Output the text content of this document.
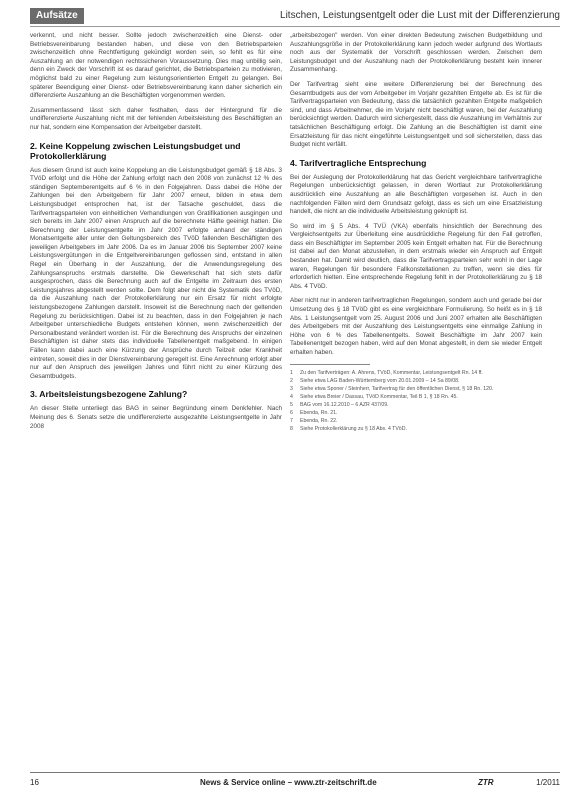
Aufsätze	Litschen, Leistungsentgelt oder die Lust mit der Differenzierung

verkennt, und nicht besser. Sollte jedoch zwischenzeitlich eine Dienst- oder Betriebsvereinbarung bestanden haben, und diese von den Betriebsparteien zwischenzeitlich ohne Rechtfertigung gekündigt worden sein, so fehlt es für eine Auszahlung an der notwendigen rechtssicheren Voraussetzung. Dies mag unbillig sein, denn ein Zweck der Vorschrift ist es darauf gerichtet, die Betriebsparteien zu motivieren, möglichst bald zu einer Regelung zum leistungsorientierten Entgelt zu gelangen. Bei späterer Beendigung einer Dienst- oder Betriebsvereinbarung kann daher sicherlich ein differenzierte Auszahlung an die Beschäftigten vorgenommen werden.

Zusammenfassend lässt sich daher festhalten, dass der Hintergrund für die undifferenzierte Auszahlung nicht mit der fehlenden Arbeitsleistung des Beschäftigten an nur hat, sondern eine Kompensation der Arbeitgeber darstellt.

2. Keine Koppelung zwischen Leistungsbudget und Protokollerklärung

Aus diesem Grund ist auch keine Koppelung an die Leistungsbudget gemäß § 18 Abs. 3 TVöD erfolgt und die Höhe der Zahlung erfolgt nach den 2008 von zunächst 12 % des ständigen Septemberentgelts auf 6 % in den Folgejahren. Dass dabei die Höhe der Zahlungen bei den Arbeitgebern für Jahr 2007 erneut, bilden in etwa dem Leistungsbudget entsprochen hat, ist der Tatsache geschuldet, dass die Tarifvertragsparteien von einheitlichen Verhandlungen von Gratifikationen ausgingen und sich bereits im Jahr 2007 einen Anspruch auf die berechnete Hälfte geeinigt hatten. Die Berechnung der Leistungsentgelte im Jahr 2007 erfolgte anhand der ständigen Monatsentgelte aller unter den Geltungsbereich des TVöD fallenden Beschäftigten des jeweiligen Arbeitgebers im Jahr 2006. Da es im Januar 2006 bis September 2007 keine Leistungsvergütungen in die Entgeltvereinbarungen geflossen sind, entstand in allen Regel ein Überhang in der Auszahlung, der die Anwendungsregelung des Zahlungsanspruchs erstmals darstellte. Die Gewerkschaft hat sich stets dafür ausgesprochen, dass die Berechnung auch auf die Entgelte im Zeitraum des ersten Leistungsjahres abgestellt werden sollte. Dem folgt aber nicht die Systematik des TVöD, da die Auszahlung nach der Protokollerklärung nur ein Ersatz für nicht erfolgte leistungsbezogene Zahlungen darstellt. Insoweit ist die Berechnung nach der geltenden Regelung zu berücksichtigen. Dabei ist zu beachten, dass in den Folgejahren je nach Arbeitgeber unterschiedliche Budgets entstehen können, wenn zwischenzeitlich der Personalbestand verändert worden ist. Für die Berechnung des Anspruchs der einzelnen Beschäftigten ist daher stets das individuelle Tabellenentgelt maßgebend. In einigen Fällen kann dabei auch eine Kürzung der Ansprüche durch Teilzeit oder Krankheit eintreten, soweit dies in der Dienstvereinbarung geregelt ist. Eine Anrechnung erfolgt aber nur auf den Anspruch des jeweiligen Jahres und führt nicht zu einer Kürzung des Gesamtbudgets.

3. Arbeitsleistungsbezogene Zahlung?

An dieser Stelle unterliegt das BAG in seiner Begründung einem Denkfehler. Nach Meinung des 6. Senats setze die undifferenzierte ausgezahlte Leistungsentgelte in Jahr 2008

„arbeitsbezogen" werden. Von einer direkten Bedeutung zwischen Budgetbildung und Auszahlungsgröße in der Protokollerklärung kann jedoch weder aufgrund des Wortlauts noch aus der Systematik der Vorschrift geschlossen werden. Zwischen dem Leistungsbudget und der Auszahlung nach der Protokollerklärung besteht kein innerer Zusammenhang.

Der Tarifvertrag sieht eine weitere Differenzierung bei der Berechnung des Gesamtbudgets aus der vom Arbeitgeber im Vorjahr gezahlten Entgelte ab. Es ist für die Tarifvertragsparteien von Bedeutung, dass die tatsächlich gezahlten Entgelte maßgeblich sind, und dass Arbeitnehmer, die im Vorjahr nicht beschäftigt waren, bei der Auszahlung berücksichtigt werden. Dadurch wird sichergestellt, dass die Auszahlung im Verhältnis zur tatsächlichen Beschäftigung erfolgt. Die Zahlung an die Beschäftigten ist damit eine Ersatzleistung für das nicht eingeführte Leistungsentgelt und soll sicherstellen, dass das Budget nicht verfällt.

4. Tarifvertragliche Entsprechung

Bei der Auslegung der Protokollerklärung hat das Gericht vergleichbare tarifvertragliche Regelungen unberücksichtigt gelassen, in deren Wortlaut zur Protokollerklärung ausdrücklich eine Auszahlung an alle Beschäftigten vorgesehen ist. Auch in den nachfolgenden Fällen wird dem Grundsatz gefolgt, dass es sich um eine Ersatzleistung handelt, die nicht an die individuelle Arbeitsleistung geknüpft ist.

So wird im § 5 Abs. 4 TVÜ (VKA) ebenfalls hinsichtlich der Berechnung des Vergleichsentgelts zur Überleitung eine ausdrückliche Regelung für den Fall getroffen, dass ein Beschäftigter im September 2005 kein Entgelt erhalten hat. Für die Berechnung ist dabei auf den Monat abzustellen, in dem erstmals wieder ein Anspruch auf Entgelt bestanden hat. Damit wird deutlich, dass die Tarifvertragsparteien sehr wohl in der Lage waren, Regelungen für besondere Fallkonstellationen zu treffen, wenn sie dies für erforderlich hielten. Eine entsprechende Regelung fehlt in der Protokollerklärung zu § 18 Abs. 4 TVöD.

Aber nicht nur in anderen tarifvertraglichen Regelungen, sondern auch und gerade bei der Umsetzung des § 18 TVöD gibt es eine vergleichbare Formulierung. So heißt es in § 18 Abs. 1 Leistungsentgelt vom 25. August 2006 und Juni 2007 erhalten alle Beschäftigten des Arbeitgebers mit der Auszahlung des Leistungsentgelts eine einmalige Zahlung in Höhe von 6 % des Tabellenentgelts. Soweit Beschäftigte im Jahr 2007 kein Tabellenentgelt bezogen haben, wird auf den Monat abgestellt, in dem sie wieder Entgelt erhalten haben.

1 Zu den Tarifverträgen: A. Ahrens, TVöD, Kommentar, Leistungsentgelt Rn. 14 ff.
2 Siehe etwa LAG Baden-Württemberg vom 20.01.2009 – 14 Sa 89/08.
3 Siehe etwa Sponer / Steinherr, Tarifvertrag für den öffentlichen Dienst, § 18 Rn. 120.
4 Siehe etwa Breier / Dassau, TVöD Kommentar, Teil B 1, § 18 Rn. 45.
5 BAG vom 16.12.2010 – 6 AZR 437/09.
6 Ebenda, Rn. 21.
7 Ebenda, Rn. 22.
8 Siehe Protokollerklärung zu § 18 Abs. 4 TVöD.
16	News & Service online – www.ztr-zeitschrift.de	ZTR	1/2011
